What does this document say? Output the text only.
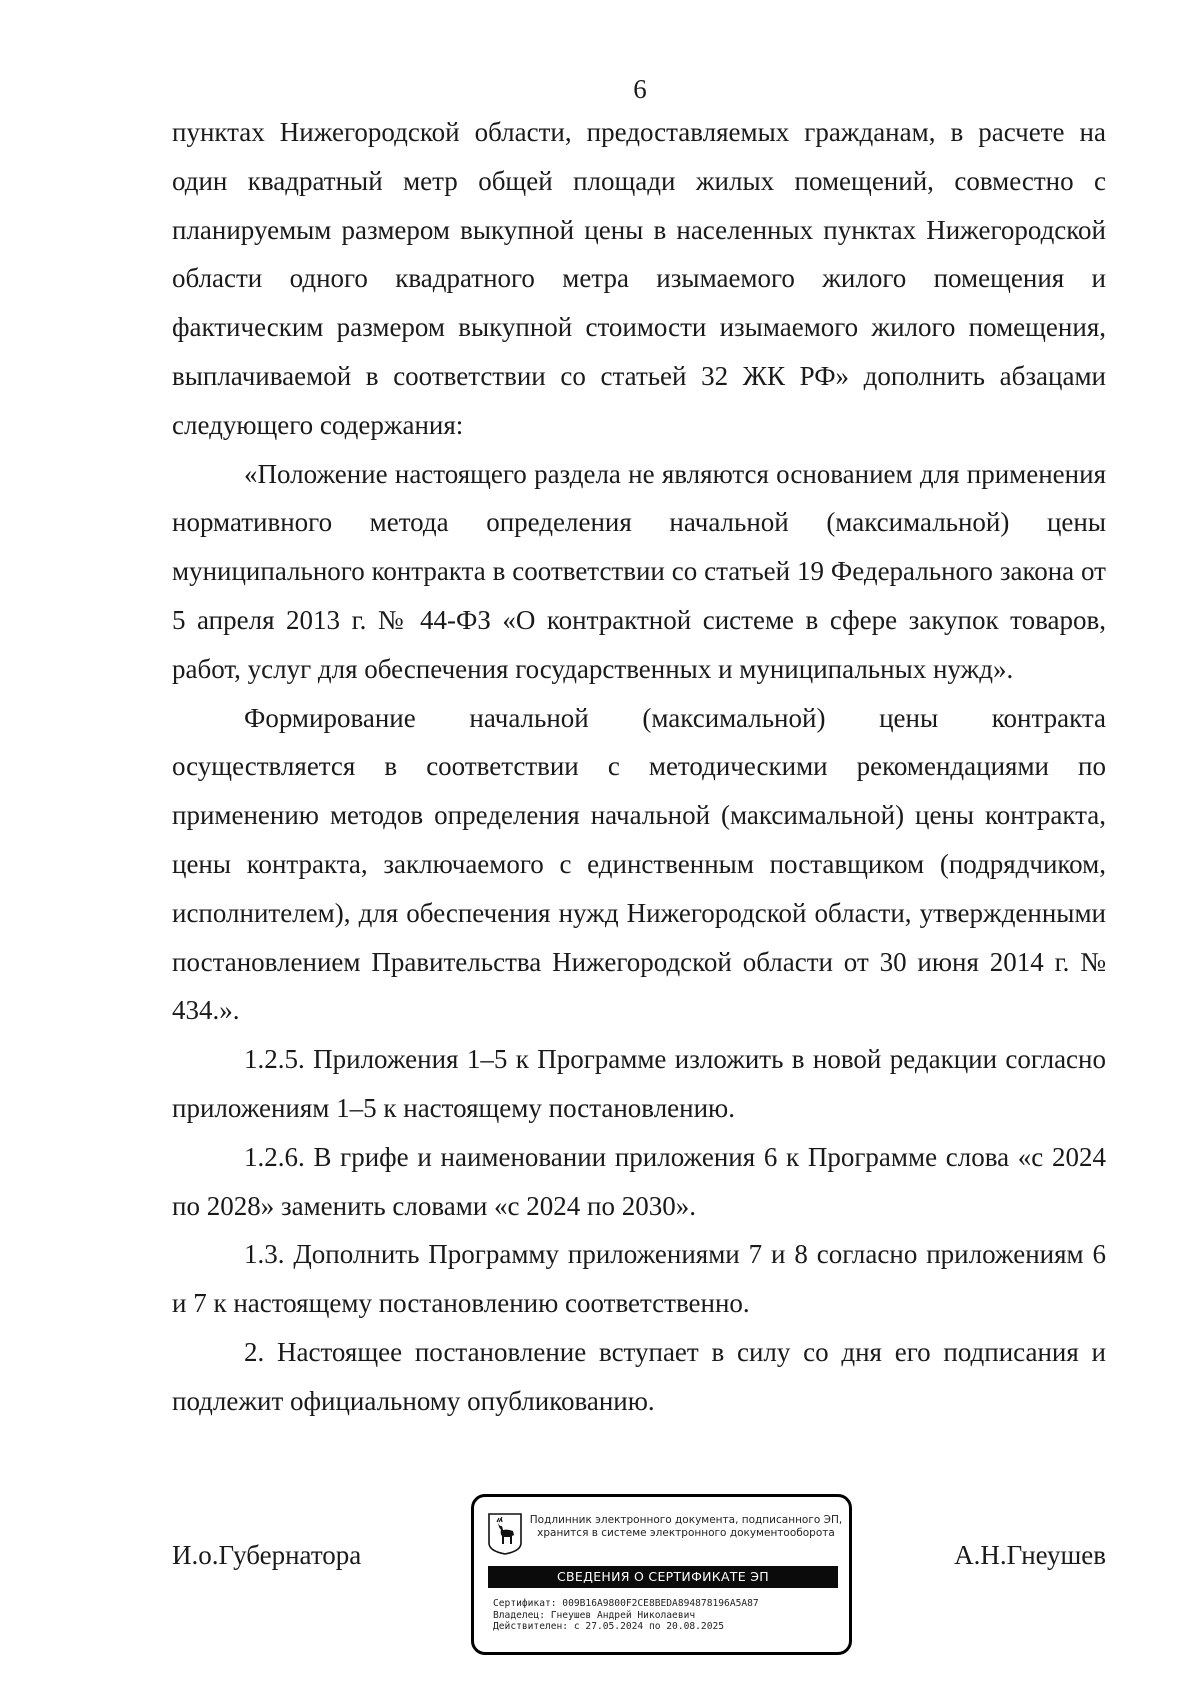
6

пунктах Нижегородской области, предоставляемых гражданам, в расчете на один квадратный метр общей площади жилых помещений, совместно с планируемым размером выкупной цены в населенных пунктах Нижегородской области одного квадратного метра изымаемого жилого помещения и фактическим размером выкупной стоимости изымаемого жилого помещения, выплачиваемой в соответствии со статьей 32 ЖК РФ» дополнить абзацами следующего содержания:

«Положение настоящего раздела не являются основанием для применения нормативного метода определения начальной (максимальной) цены муниципального контракта в соответствии со статьей 19 Федерального закона от 5 апреля 2013 г. № 44-ФЗ «О контрактной системе в сфере закупок товаров, работ, услуг для обеспечения государственных и муниципальных нужд».

Формирование начальной (максимальной) цены контракта осуществляется в соответствии с методическими рекомендациями по применению методов определения начальной (максимальной) цены контракта, цены контракта, заключаемого с единственным поставщиком (подрядчиком, исполнителем), для обеспечения нужд Нижегородской области, утвержденными постановлением Правительства Нижегородской области от 30 июня 2014 г. № 434.».

1.2.5. Приложения 1–5 к Программе изложить в новой редакции согласно приложениям 1–5 к настоящему постановлению.

1.2.6. В грифе и наименовании приложения 6 к Программе слова «с 2024 по 2028» заменить словами «с 2024 по 2030».

1.3. Дополнить Программу приложениями 7 и 8 согласно приложениям 6 и 7 к настоящему постановлению соответственно.

2. Настоящее постановление вступает в силу со дня его подписания и подлежит официальному опубликованию.

И.о.Губернатора	А.Н.Гнеушев
Подлинник электронного документа, подписанного ЭП,
хранится в системе электронного документооборота
СВЕДЕНИЯ О СЕРТИФИКАТЕ ЭП
Сертификат: 009B16A9800F2CE8BEDA894878196A5A87
Владелец: Гнеушев Андрей Николаевич
Действителен: с 27.05.2024 по 20.08.2025
